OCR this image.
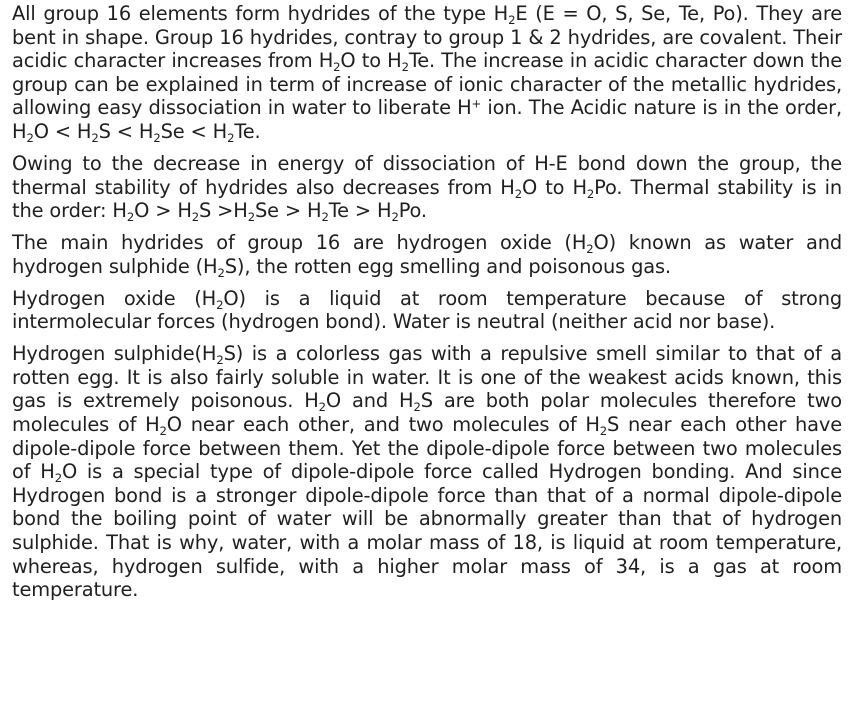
All group 16 elements form hydrides of the type $H_2E$ (E = O, S, Se, Te, Po). They are bent in shape. Group 16 hydrides, contray to group 1 & 2 hydrides, are covalent. Their acidic character increases from $H_2O$ to $H_2Te$. The increase in acidic character down the group can be explained in term of increase of ionic character of the metallic hydrides, allowing easy dissociation in water to liberate H+ ion. The Acidic nature is in the order, $H_2O < H_2S < H_2Se < H_2Te$.

Owing to the decrease in energy of dissociation of H-E bond down the group, the thermal stability of hydrides also decreases from $H_2O$ to $H_2Po$. Thermal stability is in the order: $H_2O > H_2S >H_2Se > H_2Te > H_2Po$.

The main hydrides of group 16 are hydrogen oxide $(H_2O)$ known as water and hydrogen sulphide $(H_2S)$, the rotten egg smelling and poisonous gas.

Hydrogen oxide $(H_2O)$ is a liquid at room temperature because of strong intermolecular forces (hydrogen bond). Water is neutral (neither acid nor base).

Hydrogen $sulphide(H_2S)$ is a colorless gas with a repulsive smell similar to that of a rotten egg. It is also fairly soluble in water. It is one of the weakest acids known, this gas is extremely poisonous. $H_2O$ and $H_2S$ are both polar molecules therefore two molecules of $H_2O$ near each other, and two molecules of $H_2S$ near each other have dipole-dipole force between them. Yet the dipole-dipole force between two molecules of $H_2O$ is a special type of dipole-dipole force called Hydrogen bonding. And since Hydrogen bond is a stronger dipole-dipole force than that of a normal dipole-dipole bond the boiling point of water will be abnormally greater than that of hydrogen sulphide. That is why, water, with a molar mass of 18, is liquid at room temperature, whereas, hydrogen sulfide, with a higher molar mass of 34, is a gas at room temperature.
